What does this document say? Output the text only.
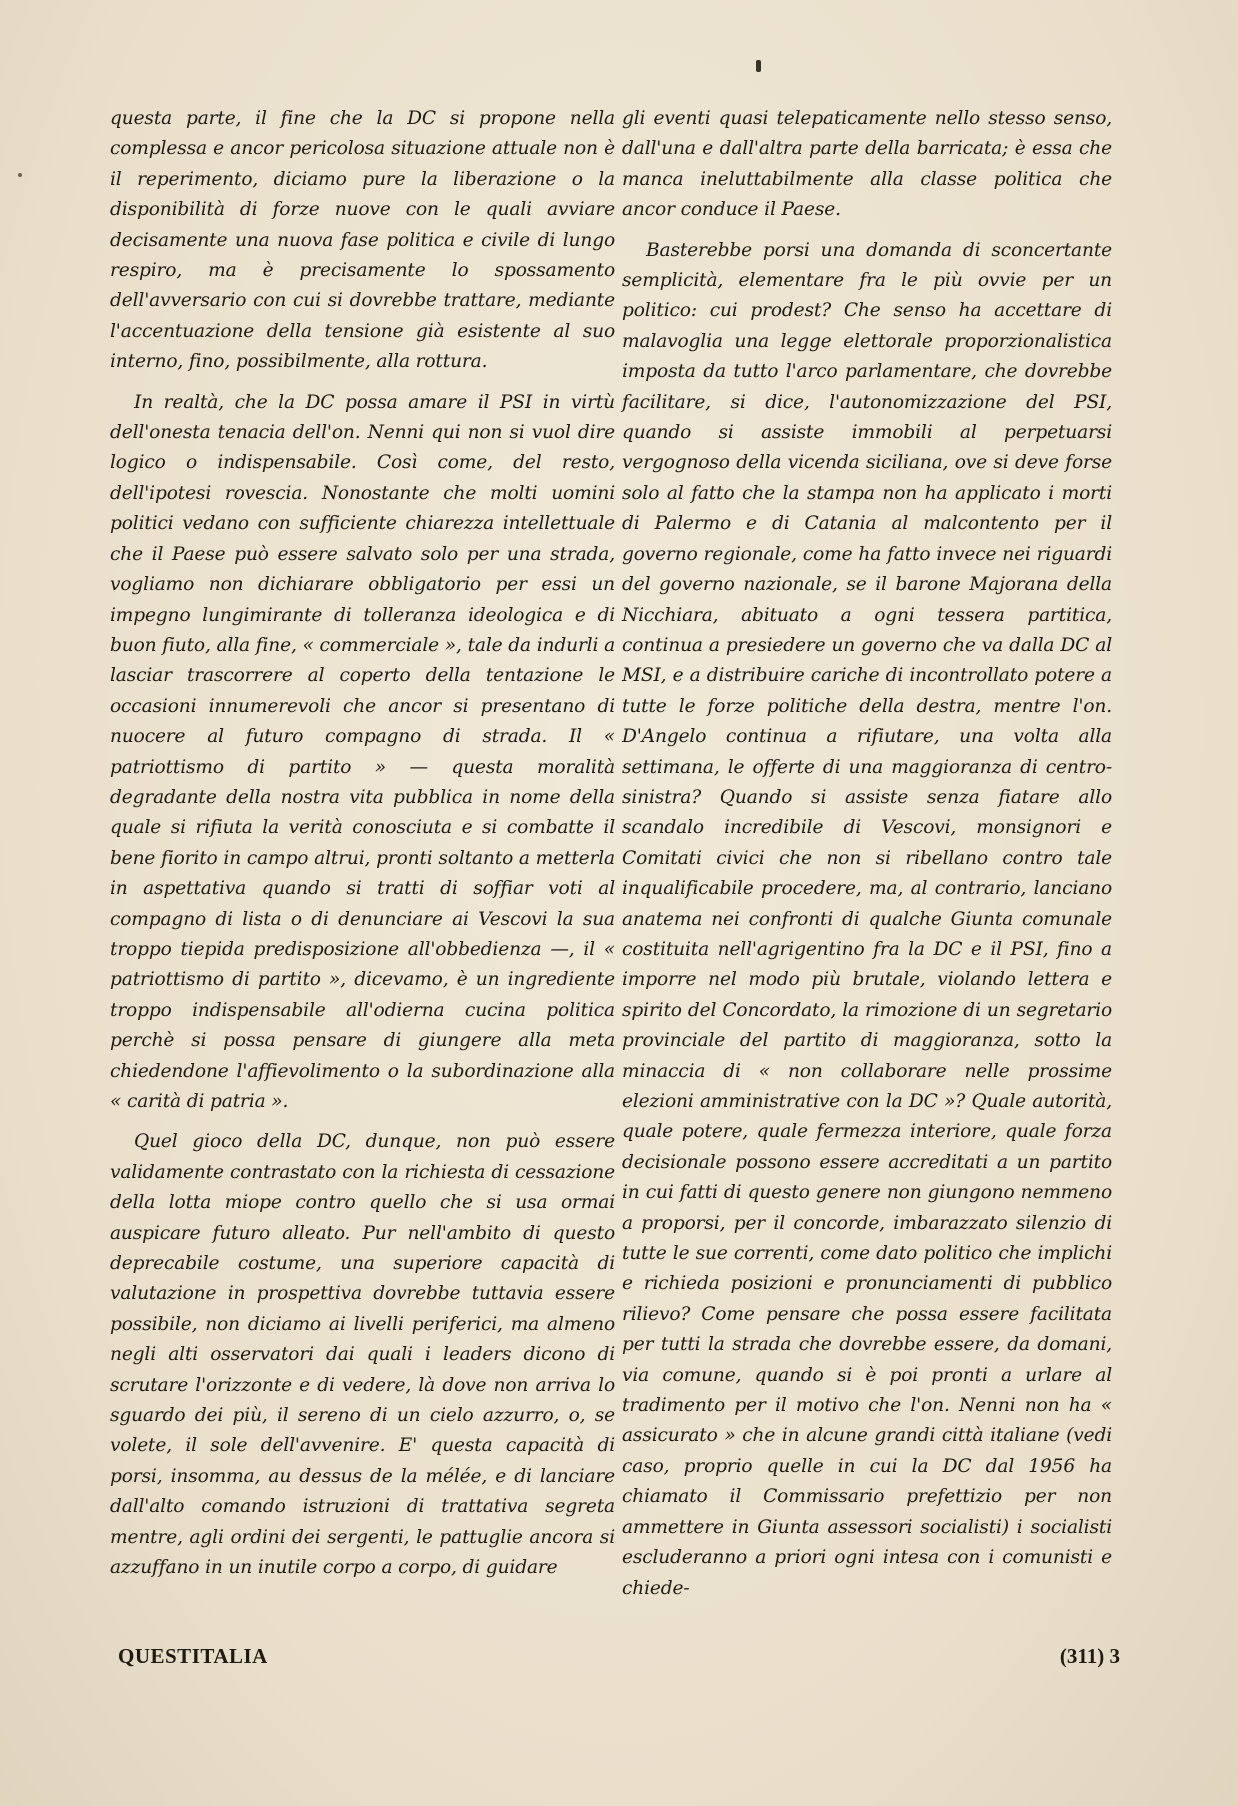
questa parte, il fine che la DC si propone nella complessa e ancor pericolosa situazione attuale non è il reperimento, diciamo pure la liberazione o la disponibilità di forze nuove con le quali avviare decisamente una nuova fase politica e civile di lungo respiro, ma è precisamente lo spossamento dell'avversario con cui si dovrebbe trattare, mediante l'accentuazione della tensione già esistente al suo interno, fino, possibilmente, alla rottura.

In realtà, che la DC possa amare il PSI in virtù dell'onesta tenacia dell'on. Nenni qui non si vuol dire logico o indispensabile. Così come, del resto, dell'ipotesi rovescia. Nonostante che molti uomini politici vedano con sufficiente chiarezza intellettuale che il Paese può essere salvato solo per una strada, vogliamo non dichiarare obbligatorio per essi un impegno lungimirante di tolleranza ideologica e di buon fiuto, alla fine, « commerciale », tale da indurli a lasciar trascorrere al coperto della tentazione le occasioni innumerevoli che ancor si presentano di nuocere al futuro compagno di strada. Il « patriottismo di partito » — questa moralità degradante della nostra vita pubblica in nome della quale si rifiuta la verità conosciuta e si combatte il bene fiorito in campo altrui, pronti soltanto a metterla in aspettativa quando si tratti di soffiar voti al compagno di lista o di denunciare ai Vescovi la sua troppo tiepida predisposizione all'obbedienza —, il « patriottismo di partito », dicevamo, è un ingrediente troppo indispensabile all'odierna cucina politica perchè si possa pensare di giungere alla meta chiedendone l'affievolimento o la subordinazione alla « carità di patria ».

Quel gioco della DC, dunque, non può essere validamente contrastato con la richiesta di cessazione della lotta miope contro quello che si usa ormai auspicare futuro alleato. Pur nell'ambito di questo deprecabile costume, una superiore capacità di valutazione in prospettiva dovrebbe tuttavia essere possibile, non diciamo ai livelli periferici, ma almeno negli alti osservatori dai quali i leaders dicono di scrutare l'orizzonte e di vedere, là dove non arriva lo sguardo dei più, il sereno di un cielo azzurro, o, se volete, il sole dell'avvenire. E' questa capacità di porsi, insomma, au dessus de la mélée, e di lanciare dall'alto comando istruzioni di trattativa segreta mentre, agli ordini dei sergenti, le pattuglie ancora si azzuffano in un inutile corpo a corpo, di guidare

gli eventi quasi telepaticamente nello stesso senso, dall'una e dall'altra parte della barricata; è essa che manca ineluttabilmente alla classe politica che ancor conduce il Paese.

Basterebbe porsi una domanda di sconcertante semplicità, elementare fra le più ovvie per un politico: cui prodest? Che senso ha accettare di malavoglia una legge elettorale proporzionalistica imposta da tutto l'arco parlamentare, che dovrebbe facilitare, si dice, l'autonomizzazione del PSI, quando si assiste immobili al perpetuarsi vergognoso della vicenda siciliana, ove si deve forse solo al fatto che la stampa non ha applicato i morti di Palermo e di Catania al malcontento per il governo regionale, come ha fatto invece nei riguardi del governo nazionale, se il barone Majorana della Nicchiara, abituato a ogni tessera partitica, continua a presiedere un governo che va dalla DC al MSI, e a distribuire cariche di incontrollato potere a tutte le forze politiche della destra, mentre l'on. D'Angelo continua a rifiutare, una volta alla settimana, le offerte di una maggioranza di centro-sinistra? Quando si assiste senza fiatare allo scandalo incredibile di Vescovi, monsignori e Comitati civici che non si ribellano contro tale inqualificabile procedere, ma, al contrario, lanciano anatema nei confronti di qualche Giunta comunale costituita nell'agrigentino fra la DC e il PSI, fino a imporre nel modo più brutale, violando lettera e spirito del Concordato, la rimozione di un segretario provinciale del partito di maggioranza, sotto la minaccia di « non collaborare nelle prossime elezioni amministrative con la DC »? Quale autorità, quale potere, quale fermezza interiore, quale forza decisionale possono essere accreditati a un partito in cui fatti di questo genere non giungono nemmeno a proporsi, per il concorde, imbarazzato silenzio di tutte le sue correnti, come dato politico che implichi e richieda posizioni e pronunciamenti di pubblico rilievo? Come pensare che possa essere facilitata per tutti la strada che dovrebbe essere, da domani, via comune, quando si è poi pronti a urlare al tradimento per il motivo che l'on. Nenni non ha « assicurato » che in alcune grandi città italiane (vedi caso, proprio quelle in cui la DC dal 1956 ha chiamato il Commissario prefettizio per non ammettere in Giunta assessori socialisti) i socialisti escluderanno a priori ogni intesa con i comunisti e chiede-

QUESTITALIA	(311) 3
